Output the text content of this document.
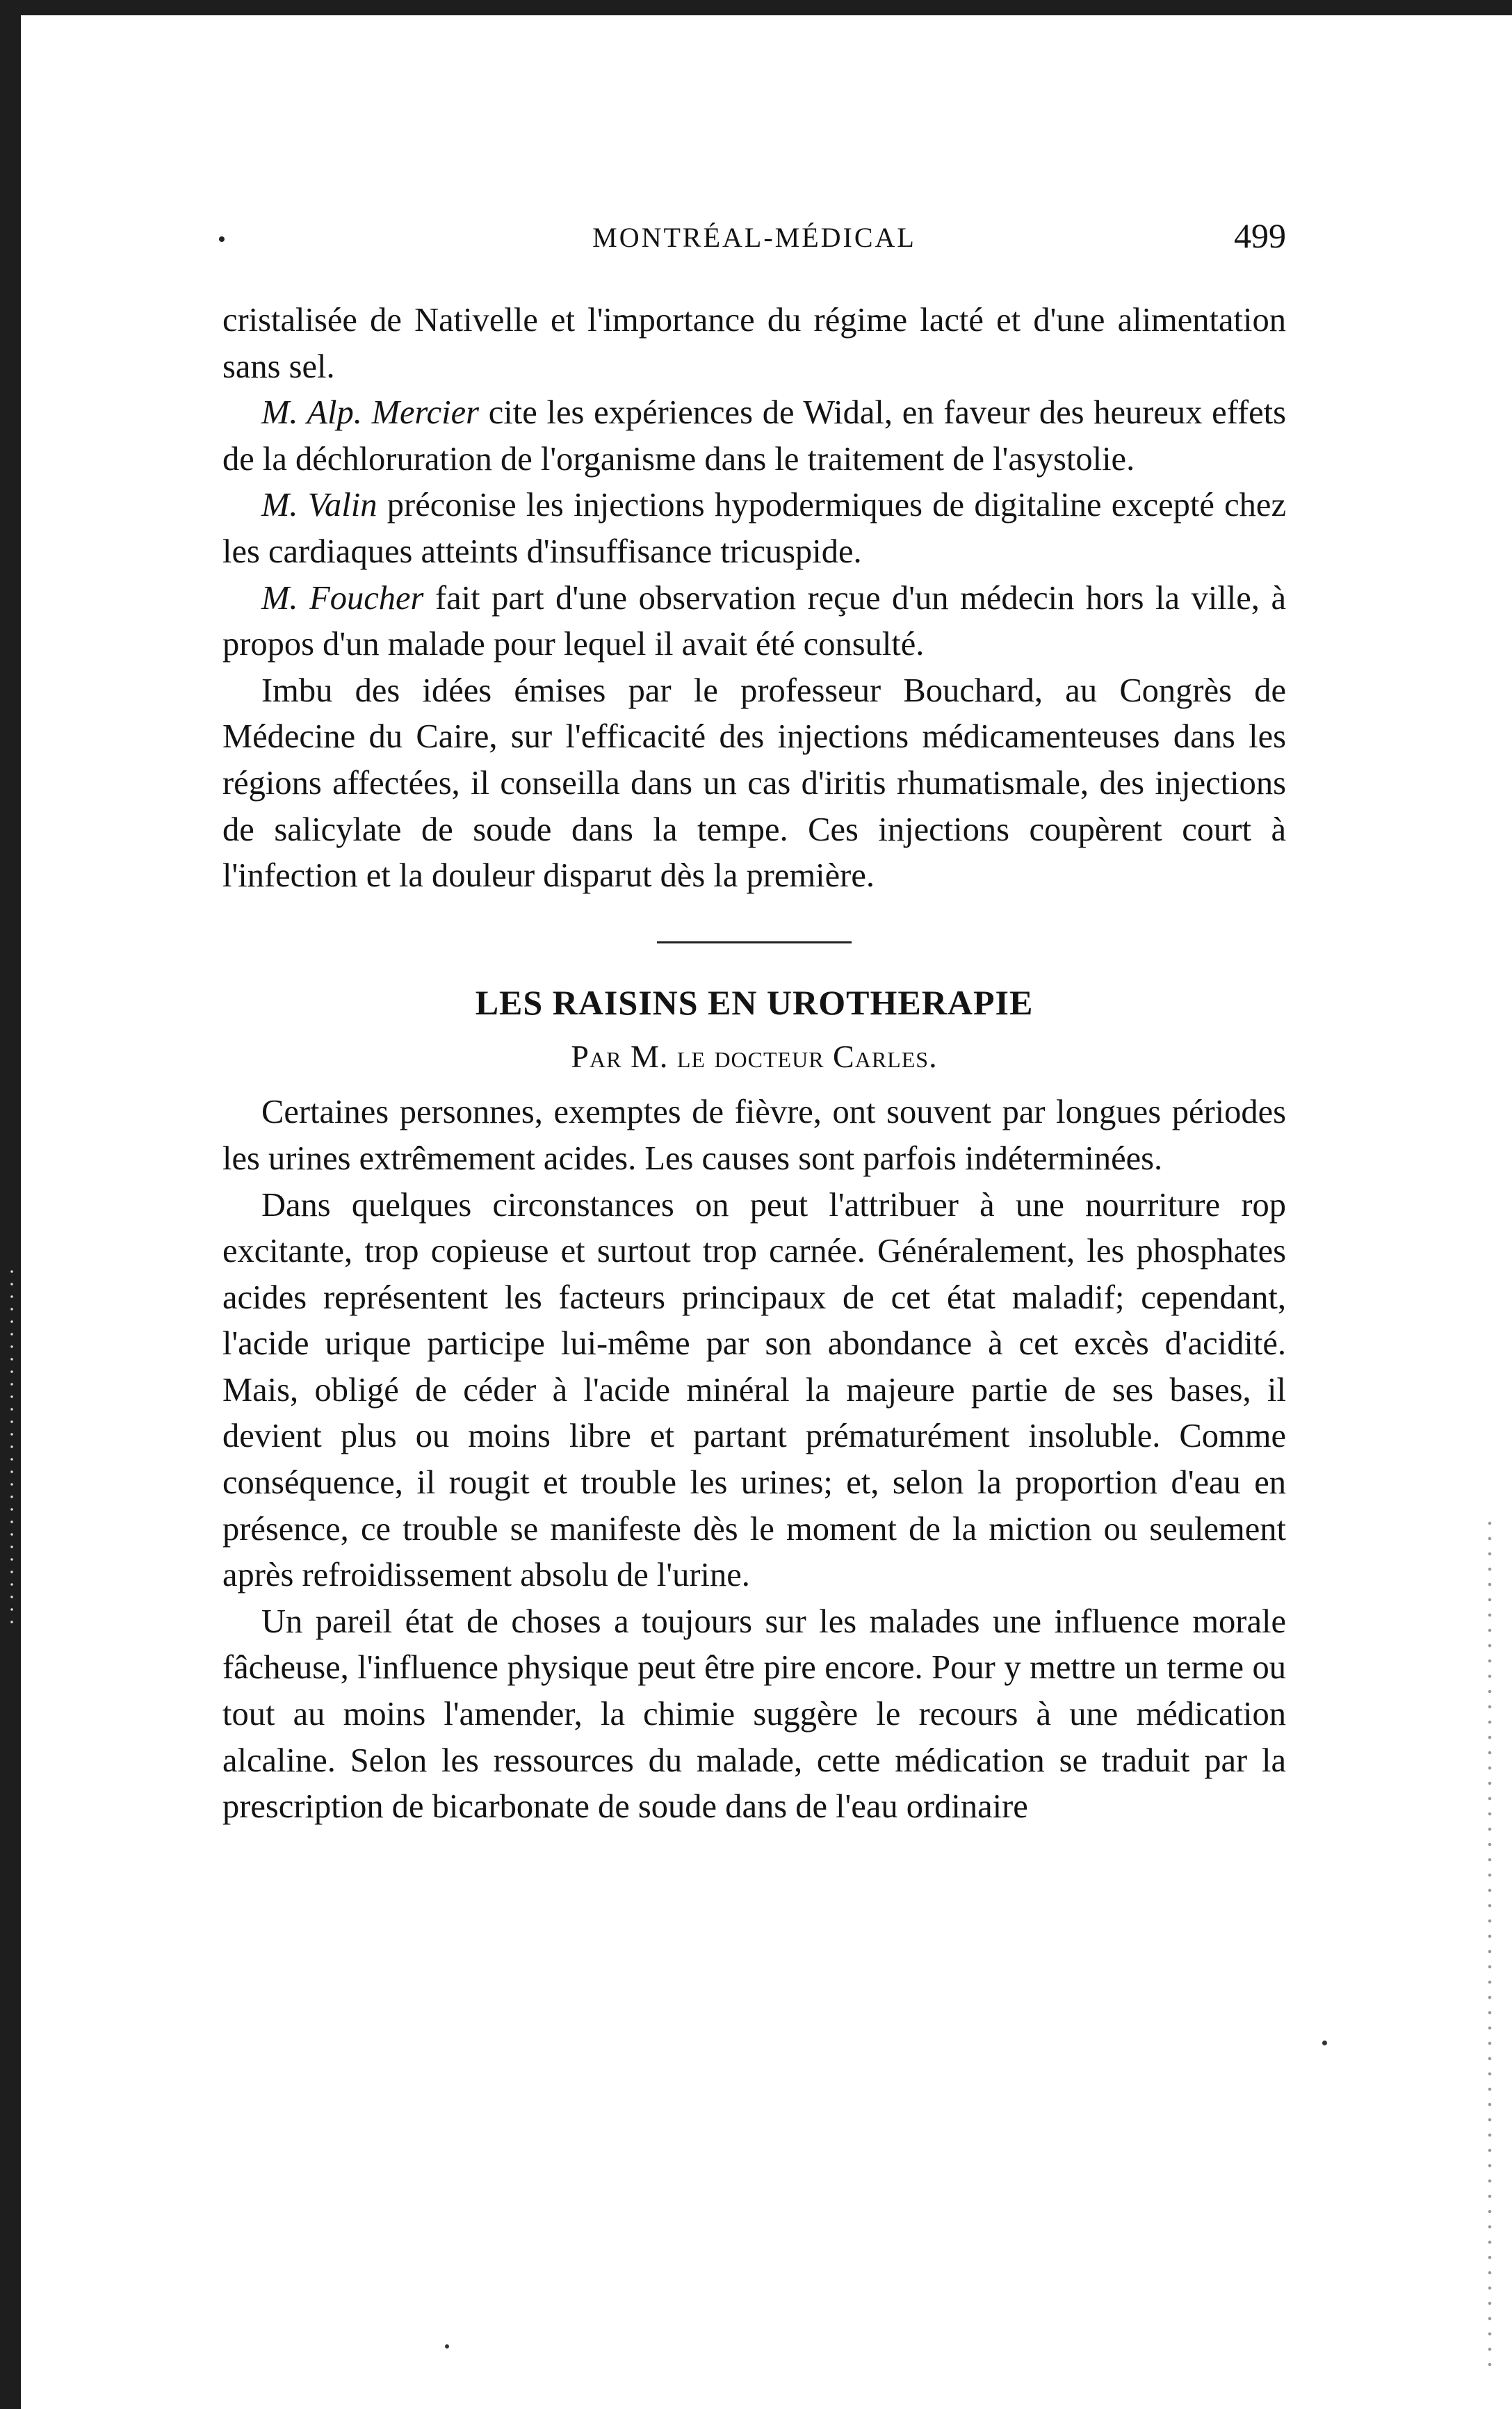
MONTRÉAL-MÉDICAL	499

cristalisée de Nativelle et l'importance du régime lacté et d'une alimentation sans sel.

M. Alp. Mercier cite les expériences de Widal, en faveur des heureux effets de la déchloruration de l'organisme dans le traitement de l'asystolie.

M. Valin préconise les injections hypodermiques de digitaline excepté chez les cardiaques atteints d'insuffisance tricuspide.

M. Foucher fait part d'une observation reçue d'un médecin hors la ville, à propos d'un malade pour lequel il avait été consulté.

Imbu des idées émises par le professeur Bouchard, au Congrès de Médecine du Caire, sur l'efficacité des injections médicamenteuses dans les régions affectées, il conseilla dans un cas d'iritis rhumatismale, des injections de salicylate de soude dans la tempe. Ces injections coupèrent court à l'infection et la douleur disparut dès la première.

LES RAISINS EN UROTHERAPIE
Par M. le docteur Carles.

Certaines personnes, exemptes de fièvre, ont souvent par longues périodes les urines extrêmement acides. Les causes sont parfois indéterminées.

Dans quelques circonstances on peut l'attribuer à une nourriture rop excitante, trop copieuse et surtout trop carnée. Généralement, les phosphates acides représentent les facteurs principaux de cet état maladif; cependant, l'acide urique participe lui-même par son abondance à cet excès d'acidité. Mais, obligé de céder à l'acide minéral la majeure partie de ses bases, il devient plus ou moins libre et partant prématurément insoluble. Comme conséquence, il rougit et trouble les urines; et, selon la proportion d'eau en présence, ce trouble se manifeste dès le moment de la miction ou seulement après refroidissement absolu de l'urine.

Un pareil état de choses a toujours sur les malades une influence morale fâcheuse, l'influence physique peut être pire encore. Pour y mettre un terme ou tout au moins l'amender, la chimie suggère le recours à une médication alcaline. Selon les ressources du malade, cette médication se traduit par la prescription de bicarbonate de soude dans de l'eau ordinaire
